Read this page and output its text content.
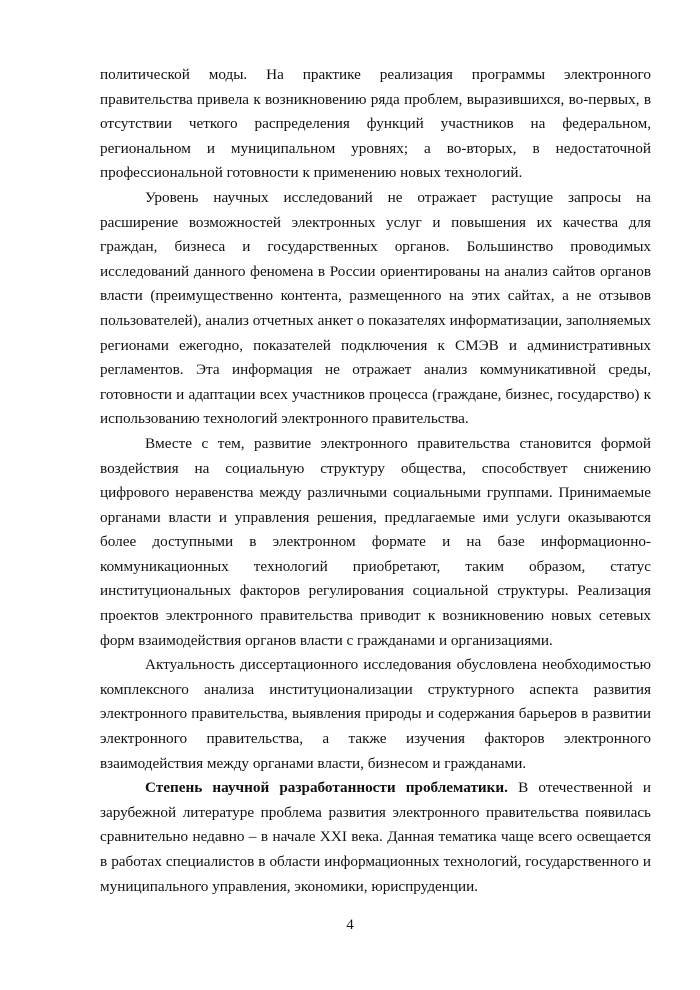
политической моды. На практике реализация программы электронного правительства привела к возникновению ряда проблем, выразившихся, во-первых, в отсутствии четкого распределения функций участников на федеральном, региональном и муниципальном уровнях; а во-вторых, в недостаточной профессиональной готовности к применению новых технологий.

Уровень научных исследований не отражает растущие запросы на расширение возможностей электронных услуг и повышения их качества для граждан, бизнеса и государственных органов. Большинство проводимых исследований данного феномена в России ориентированы на анализ сайтов органов власти (преимущественно контента, размещенного на этих сайтах, а не отзывов пользователей), анализ отчетных анкет о показателях информатизации, заполняемых регионами ежегодно, показателей подключения к СМЭВ и административных регламентов. Эта информация не отражает анализ коммуникативной среды, готовности и адаптации всех участников процесса (граждане, бизнес, государство) к использованию технологий электронного правительства.

Вместе с тем, развитие электронного правительства становится формой воздействия на социальную структуру общества, способствует снижению цифрового неравенства между различными социальными группами. Принимаемые органами власти и управления решения, предлагаемые ими услуги оказываются более доступными в электронном формате и на базе информационно-коммуникационных технологий приобретают, таким образом, статус институциональных факторов регулирования социальной структуры. Реализация проектов электронного правительства приводит к возникновению новых сетевых форм взаимодействия органов власти с гражданами и организациями.

Актуальность диссертационного исследования обусловлена необходимостью комплексного анализа институционализации структурного аспекта развития электронного правительства, выявления природы и содержания барьеров в развитии электронного правительства, а также изучения факторов электронного взаимодействия между органами власти, бизнесом и гражданами.

Степень научной разработанности проблематики. В отечественной и зарубежной литературе проблема развития электронного правительства появилась сравнительно недавно – в начале XXI века. Данная тематика чаще всего освещается в работах специалистов в области информационных технологий, государственного и муниципального управления, экономики, юриспруденции.

4
